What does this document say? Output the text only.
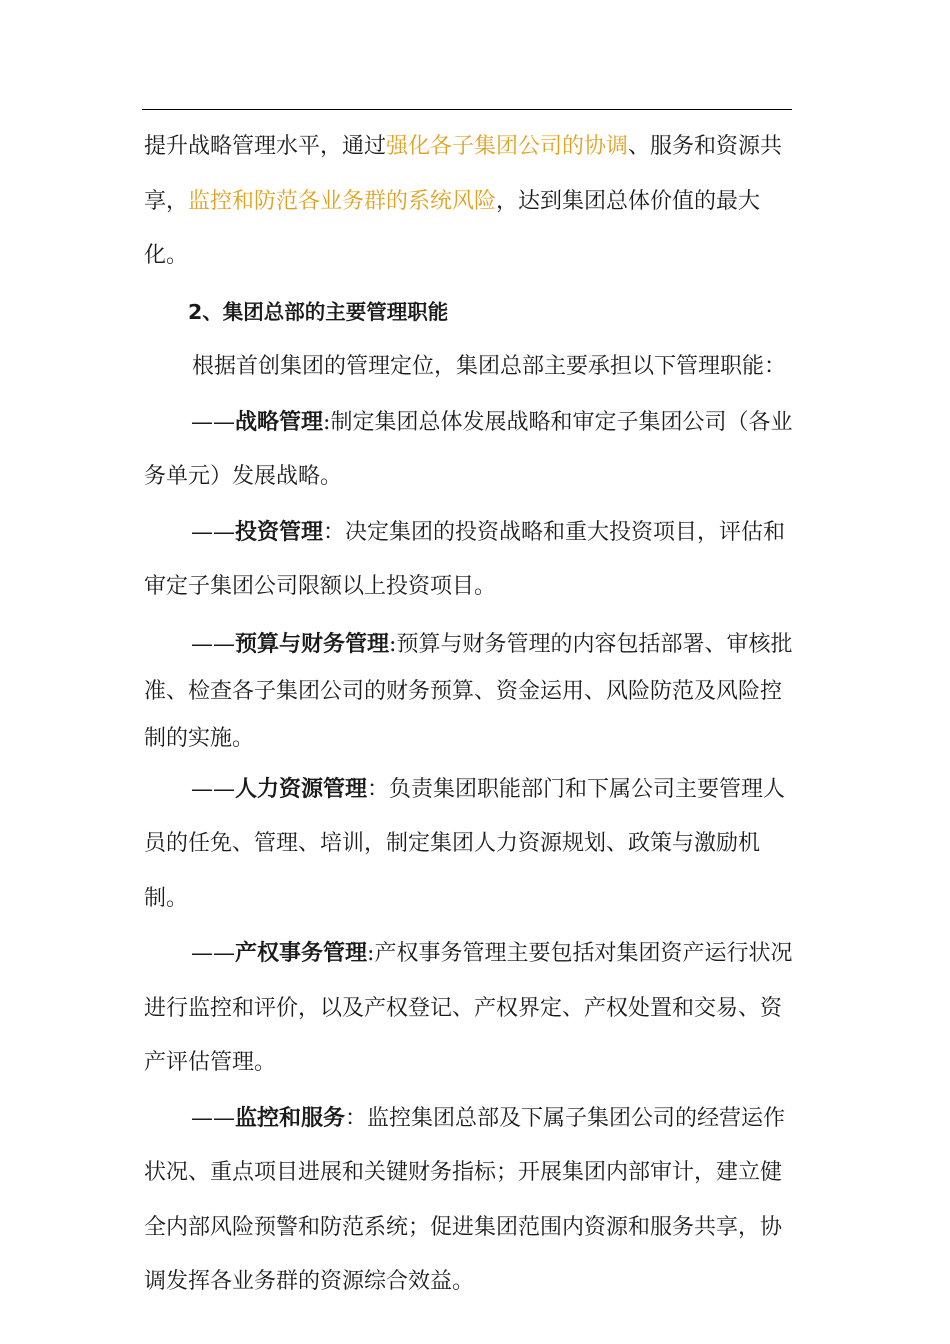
提升战略管理水平，通过强化各子集团公司的协调、服务和资源共享，监控和防范各业务群的系统风险，达到集团总体价值的最大化。

2、集团总部的主要管理职能

根据首创集团的管理定位，集团总部主要承担以下管理职能：

——战略管理:制定集团总体发展战略和审定子集团公司（各业务单元）发展战略。

——投资管理：决定集团的投资战略和重大投资项目，评估和审定子集团公司限额以上投资项目。

——预算与财务管理:预算与财务管理的内容包括部署、审核批准、检查各子集团公司的财务预算、资金运用、风险防范及风险控制的实施。

——人力资源管理：负责集团职能部门和下属公司主要管理人员的任免、管理、培训，制定集团人力资源规划、政策与激励机制。

——产权事务管理:产权事务管理主要包括对集团资产运行状况进行监控和评价，以及产权登记、产权界定、产权处置和交易、资产评估管理。

——监控和服务：监控集团总部及下属子集团公司的经营运作状况、重点项目进展和关键财务指标；开展集团内部审计，建立健全内部风险预警和防范系统；促进集团范围内资源和服务共享，协调发挥各业务群的资源综合效益。
